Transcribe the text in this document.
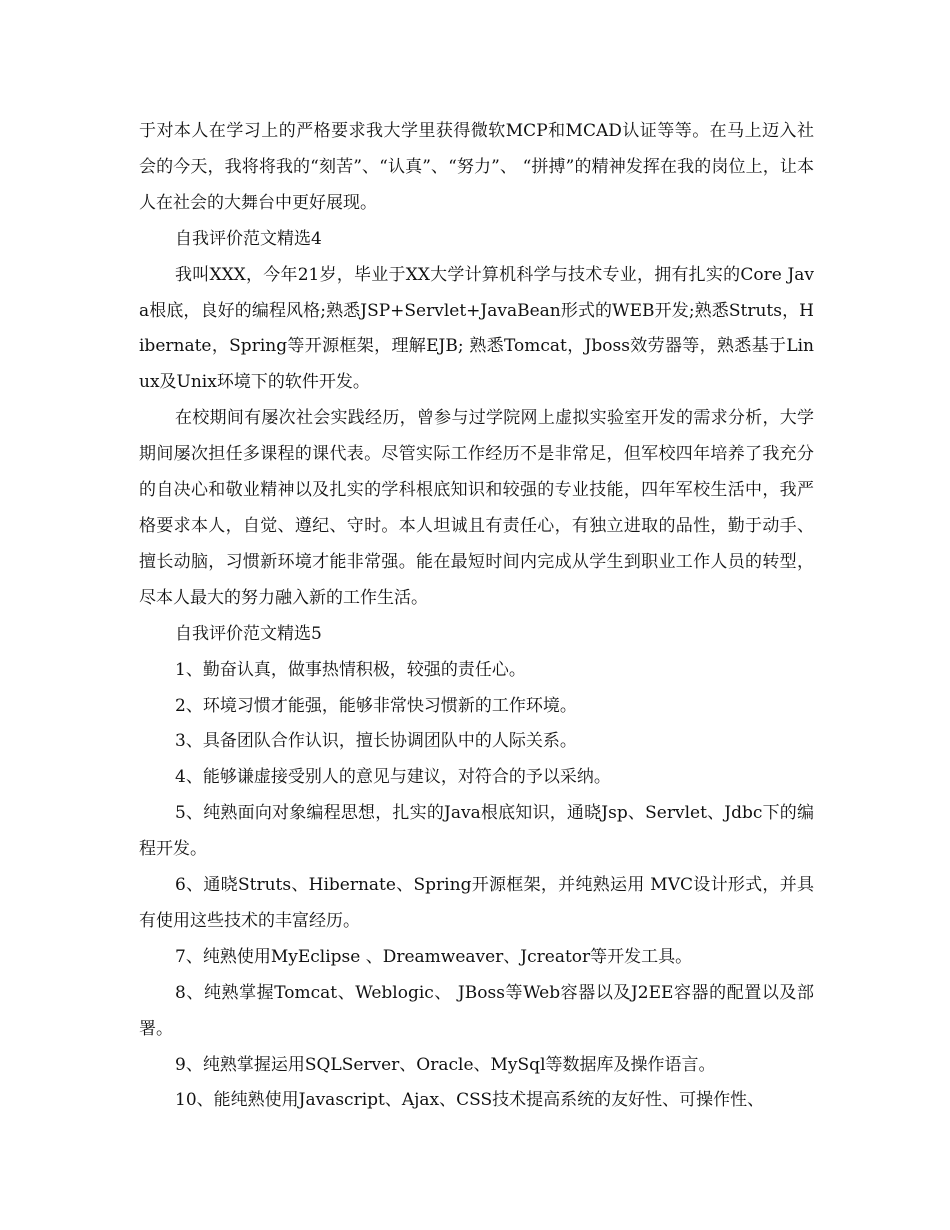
于对本人在学习上的严格要求我大学里获得微软MCP和MCAD认证等等。在马上迈入社会的今天，我将将我的“刻苦”、“认真”、“努力”、 “拼搏”的精神发挥在我的岗位上，让本人在社会的大舞台中更好展现。

自我评价范文精选4

我叫XXX，今年21岁，毕业于XX大学计算机科学与技术专业，拥有扎实的Core Java根底，良好的编程风格;熟悉JSP+Servlet+JavaBean形式的WEB开发;熟悉Struts，Hibernate，Spring等开源框架，理解EJB; 熟悉Tomcat，Jboss效劳器等，熟悉基于Linux及Unix环境下的软件开发。

在校期间有屡次社会实践经历，曾参与过学院网上虚拟实验室开发的需求分析，大学期间屡次担任多课程的课代表。尽管实际工作经历不是非常足，但军校四年培养了我充分的自决心和敬业精神以及扎实的学科根底知识和较强的专业技能，四年军校生活中，我严格要求本人，自觉、遵纪、守时。本人坦诚且有责任心，有独立进取的品性，勤于动手、擅长动脑，习惯新环境才能非常强。能在最短时间内完成从学生到职业工作人员的转型，尽本人最大的努力融入新的工作生活。

自我评价范文精选5

1、勤奋认真，做事热情积极，较强的责任心。

2、环境习惯才能强，能够非常快习惯新的工作环境。

3、具备团队合作认识，擅长协调团队中的人际关系。

4、能够谦虚接受别人的意见与建议，对符合的予以采纳。

5、纯熟面向对象编程思想，扎实的Java根底知识，通晓Jsp、Servlet、Jdbc下的编程开发。

6、通晓Struts、Hibernate、Spring开源框架，并纯熟运用 MVC设计形式，并具有使用这些技术的丰富经历。

7、纯熟使用MyEclipse 、Dreamweaver、Jcreator等开发工具。

8、纯熟掌握Tomcat、Weblogic、 JBoss等Web容器以及J2EE容器的配置以及部署。

9、纯熟掌握运用SQLServer、Oracle、MySql等数据库及操作语言。

10、能纯熟使用Javascript、Ajax、CSS技术提高系统的友好性、可操作性、
